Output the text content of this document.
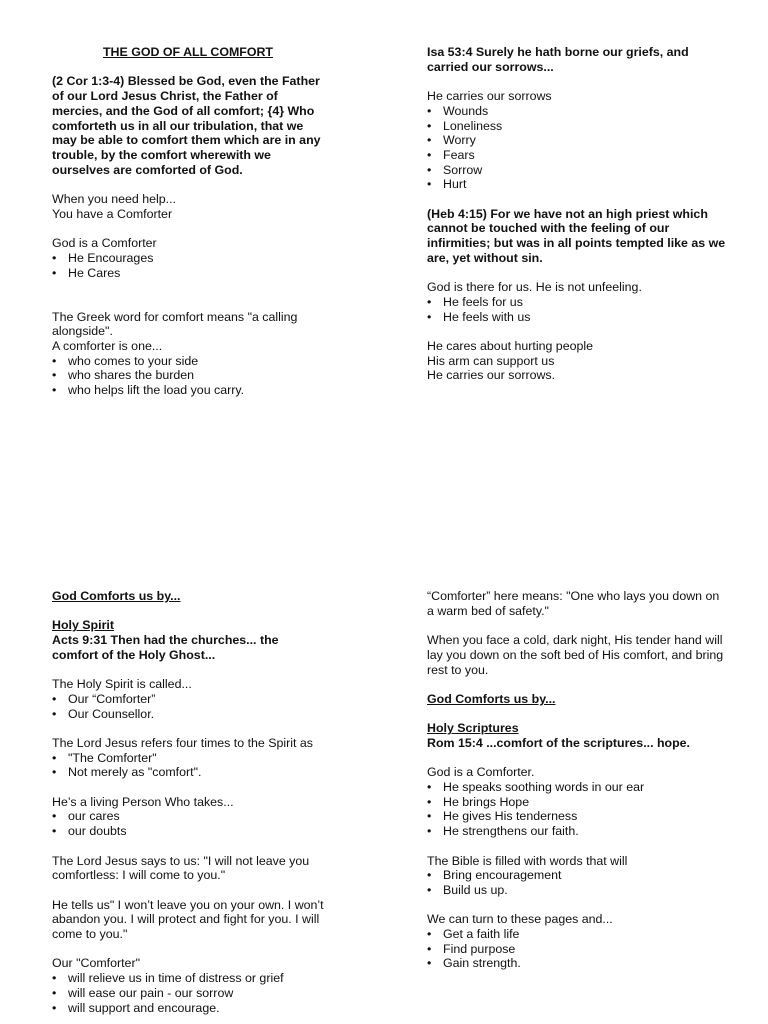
THE GOD OF ALL COMFORT

(2 Cor 1:3-4) Blessed be God, even the Father of our Lord Jesus Christ, the Father of mercies, and the God of all comfort; {4} Who comforteth us in all our tribulation, that we may be able to comfort them which are in any trouble, by the comfort wherewith we ourselves are comforted of God.

When you need help...

You have a Comforter

God is a Comforter

• He Encourages
• He Cares

The Greek word for comfort means "a calling alongside".

A comforter is one...

• who comes to your side
• who shares the burden
• who helps lift the load you carry.

Isa 53:4 Surely he hath borne our griefs, and carried our sorrows...

He carries our sorrows

• Wounds
• Loneliness
• Worry
• Fears
• Sorrow
• Hurt

(Heb 4:15) For we have not an high priest which cannot be touched with the feeling of our infirmities; but was in all points tempted like as we are, yet without sin.

God is there for us. He is not unfeeling.

• He feels for us
• He feels with us

He cares about hurting people

His arm can support us

He carries our sorrows.

God Comforts us by...

Holy Spirit

Acts 9:31 Then had the churches... the comfort of the Holy Ghost...

The Holy Spirit is called...

• Our “Comforter”
• Our Counsellor.

The Lord Jesus refers four times to the Spirit as

• "The Comforter"
• Not merely as "comfort".

He’s a living Person Who takes...

• our cares
• our doubts

The Lord Jesus says to us: "I will not leave you comfortless: I will come to you."

He tells us" I won’t leave you on your own. I won’t abandon you. I will protect and fight for you. I will come to you."

Our "Comforter"

• will relieve us in time of distress or grief
• will ease our pain - our sorrow
• will support and encourage.

“Comforter” here means: "One who lays you down on a warm bed of safety."

When you face a cold, dark night, His tender hand will lay you down on the soft bed of His comfort, and bring rest to you.

God Comforts us by...

Holy Scriptures

Rom 15:4 ...comfort of the scriptures... hope.

God is a Comforter.

• He speaks soothing words in our ear
• He brings Hope
• He gives His tenderness
• He strengthens our faith.

The Bible is filled with words that will

• Bring encouragement
• Build us up.

We can turn to these pages and...

• Get a faith life
• Find purpose
• Gain strength.
